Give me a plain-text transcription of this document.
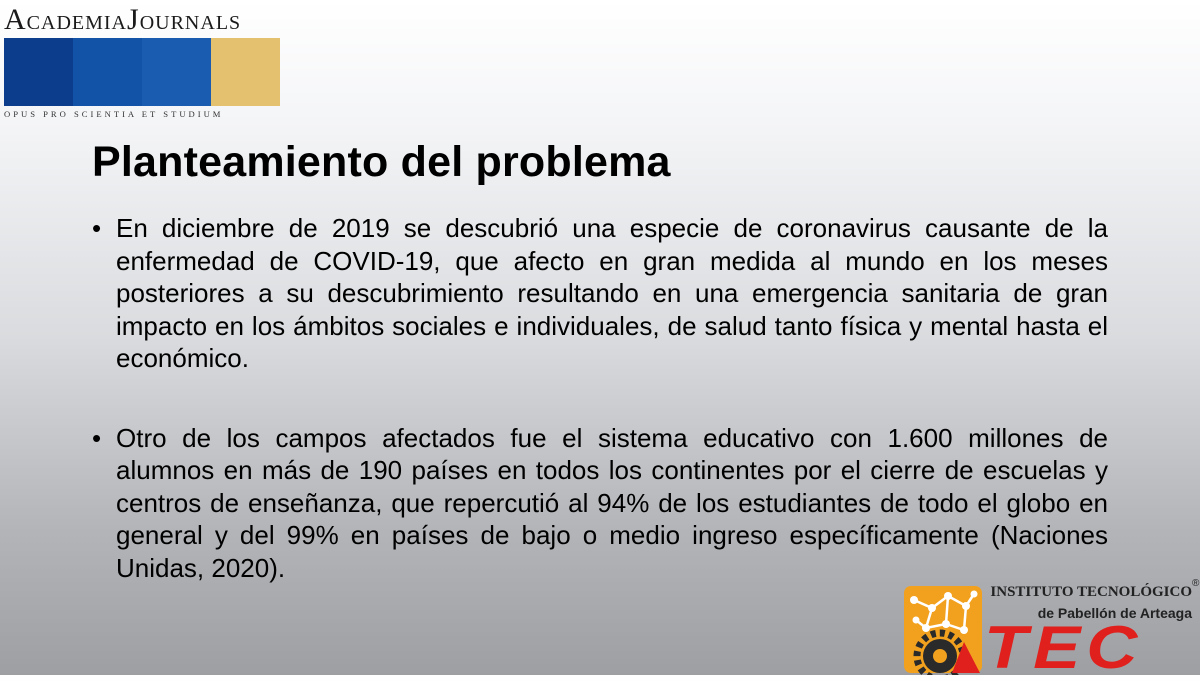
ACADEMIAJOURNALS
OPUS PRO SCIENTIA ET STUDIUM
Planteamiento del problema
• En diciembre de 2019 se descubrió una especie de coronavirus causante de la enfermedad de COVID-19, que afecto en gran medida al mundo en los meses posteriores a su descubrimiento resultando en una emergencia sanitaria de gran impacto en los ámbitos sociales e individuales, de salud tanto física y mental hasta el económico.
• Otro de los campos afectados fue el sistema educativo con 1.600 millones de alumnos en más de 190 países en todos los continentes por el cierre de escuelas y centros de enseñanza, que repercutió al 94% de los estudiantes de todo el globo en general y del 99% en países de bajo o medio ingreso específicamente (Naciones Unidas, 2020).
INSTITUTO TECNOLÓGICO
®
de Pabellón de Arteaga
TEC
